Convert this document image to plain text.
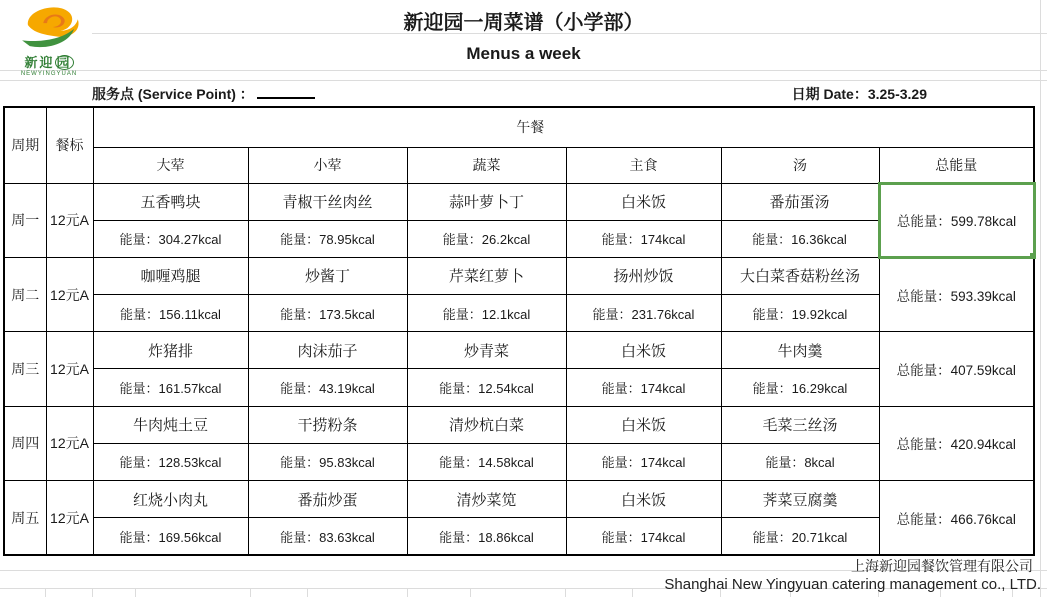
新迎 园
NEWYINGYUAN
新迎园一周菜谱（小学部）
Menus a week
服务点 (Service Point) ：	日期 Date：3.25-3.29
周期	餐标	午餐					
		大荤	小荤	蔬菜	主食	汤	总能量
周一	12元A	五香鸭块	青椒干丝肉丝	蒜叶萝卜丁	白米饭	番茄蛋汤	总能量：599.78kcal

		能量：304.27kcal	能量：78.95kcal	能量：26.2kcal	能量：174kcal	能量：16.36kcal	
周二	12元A	咖喱鸡腿	炒酱丁	芹菜红萝卜	扬州炒饭	大白菜香菇粉丝汤	总能量：593.39kcal
		能量：156.11kcal	能量：173.5kcal	能量：12.1kcal	能量：231.76kcal	能量：19.92kcal	
周三	12元A	炸猪排	肉沫茄子	炒青菜	白米饭	牛肉羹	总能量：407.59kcal
		能量：161.57kcal	能量：43.19kcal	能量：12.54kcal	能量：174kcal	能量：16.29kcal	
周四	12元A	牛肉炖土豆	干捞粉条	清炒杭白菜	白米饭	毛菜三丝汤	总能量：420.94kcal
		能量：128.53kcal	能量：95.83kcal	能量：14.58kcal	能量：174kcal	能量：8kcal	
周五	12元A	红烧小肉丸	番茄炒蛋	清炒菜笕	白米饭	荠菜豆腐羹	总能量：466.76kcal
		能量：169.56kcal	能量：83.63kcal	能量：18.86kcal	能量：174kcal	能量：20.71kcal	
上海新迎园餐饮管理有限公司
Shanghai New Yingyuan catering management co., LTD.
